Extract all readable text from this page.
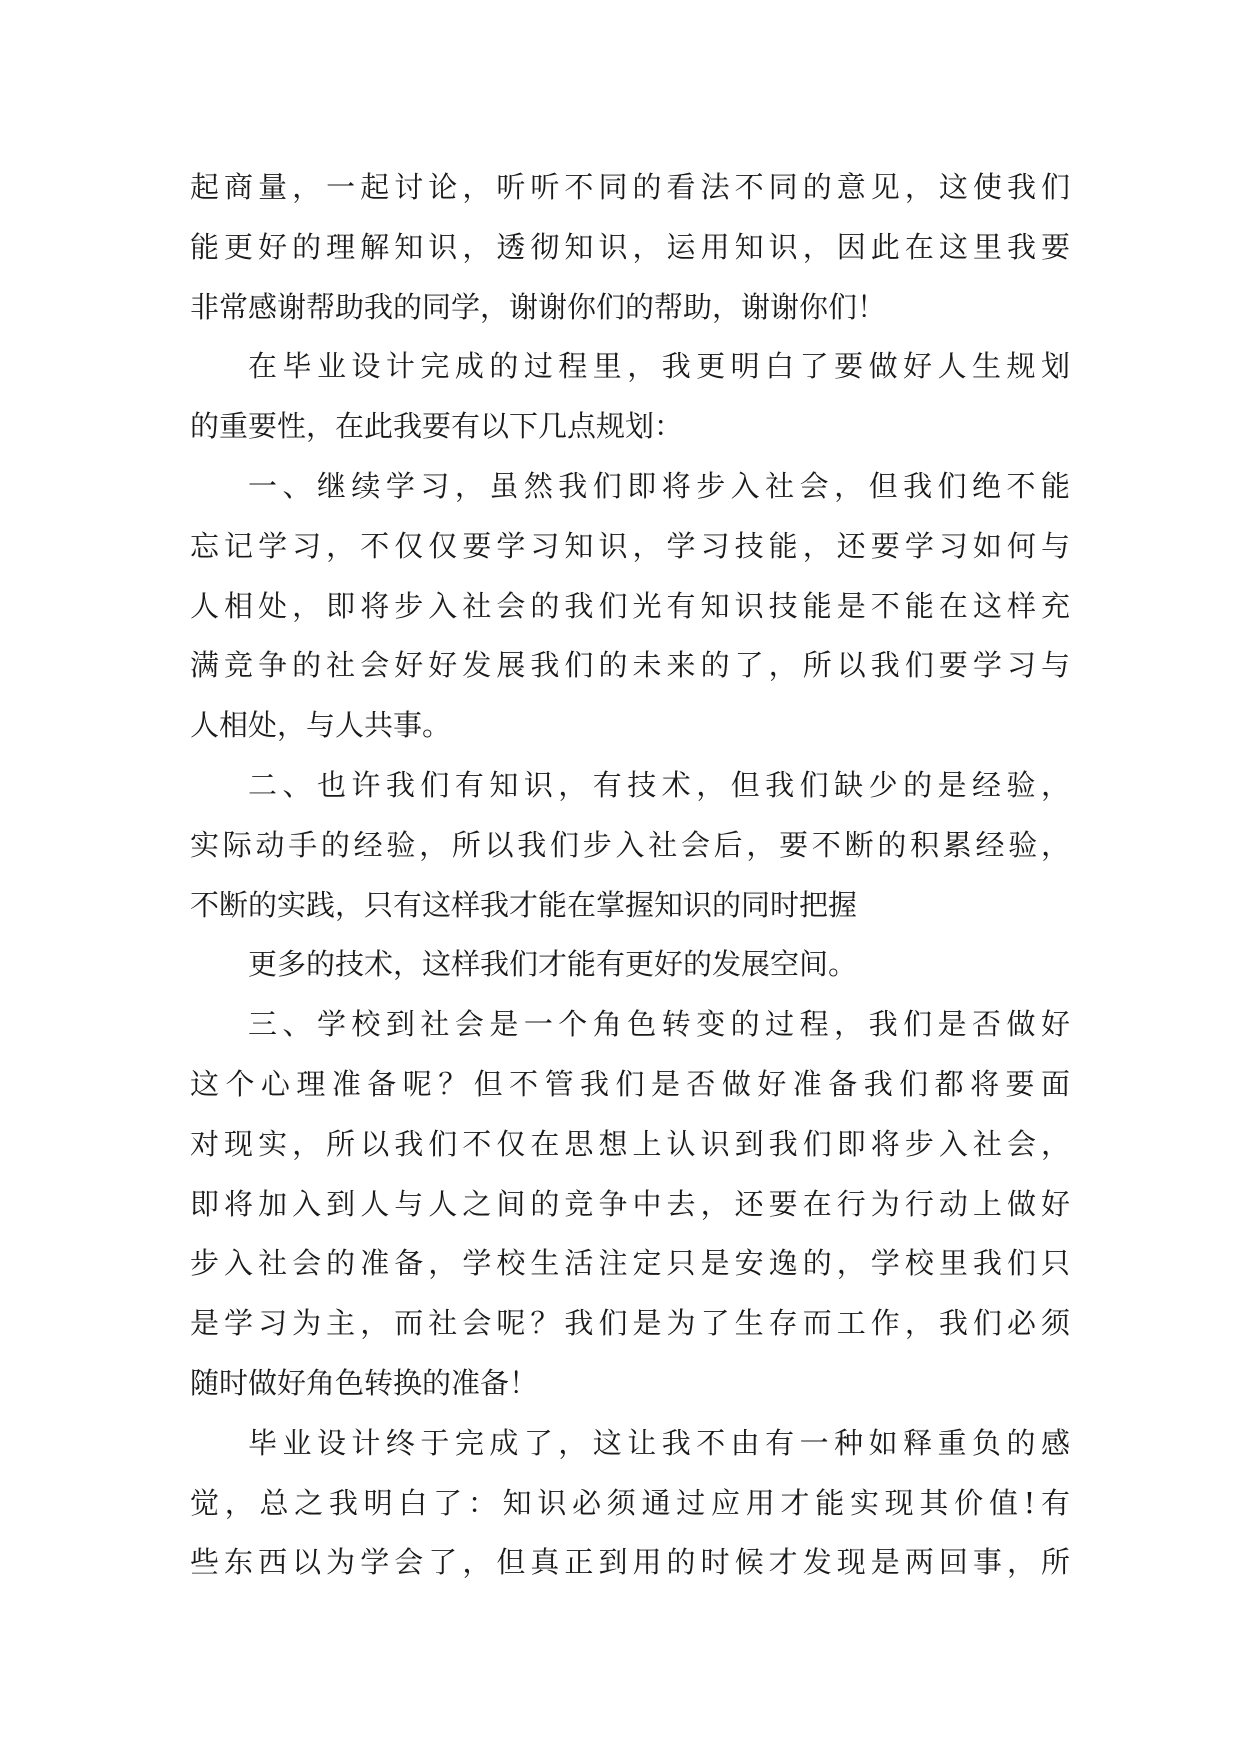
起商量，一起讨论，听听不同的看法不同的意见，这使我们
能更好的理解知识，透彻知识，运用知识，因此在这里我要
非常感谢帮助我的同学，谢谢你们的帮助，谢谢你们！
在毕业设计完成的过程里，我更明白了要做好人生规划
的重要性，在此我要有以下几点规划：
一、继续学习，虽然我们即将步入社会，但我们绝不能
忘记学习，不仅仅要学习知识，学习技能，还要学习如何与
人相处，即将步入社会的我们光有知识技能是不能在这样充
满竞争的社会好好发展我们的未来的了，所以我们要学习与
人相处，与人共事。
二、也许我们有知识，有技术，但我们缺少的是经验，
实际动手的经验，所以我们步入社会后，要不断的积累经验，
不断的实践，只有这样我才能在掌握知识的同时把握
更多的技术，这样我们才能有更好的发展空间。
三、学校到社会是一个角色转变的过程，我们是否做好
这个心理准备呢？但不管我们是否做好准备我们都将要面
对现实，所以我们不仅在思想上认识到我们即将步入社会，
即将加入到人与人之间的竞争中去，还要在行为行动上做好
步入社会的准备，学校生活注定只是安逸的，学校里我们只
是学习为主，而社会呢？我们是为了生存而工作，我们必须
随时做好角色转换的准备！
毕业设计终于完成了，这让我不由有一种如释重负的感
觉，总之我明白了：知识必须通过应用才能实现其价值!有
些东西以为学会了，但真正到用的时候才发现是两回事，所
